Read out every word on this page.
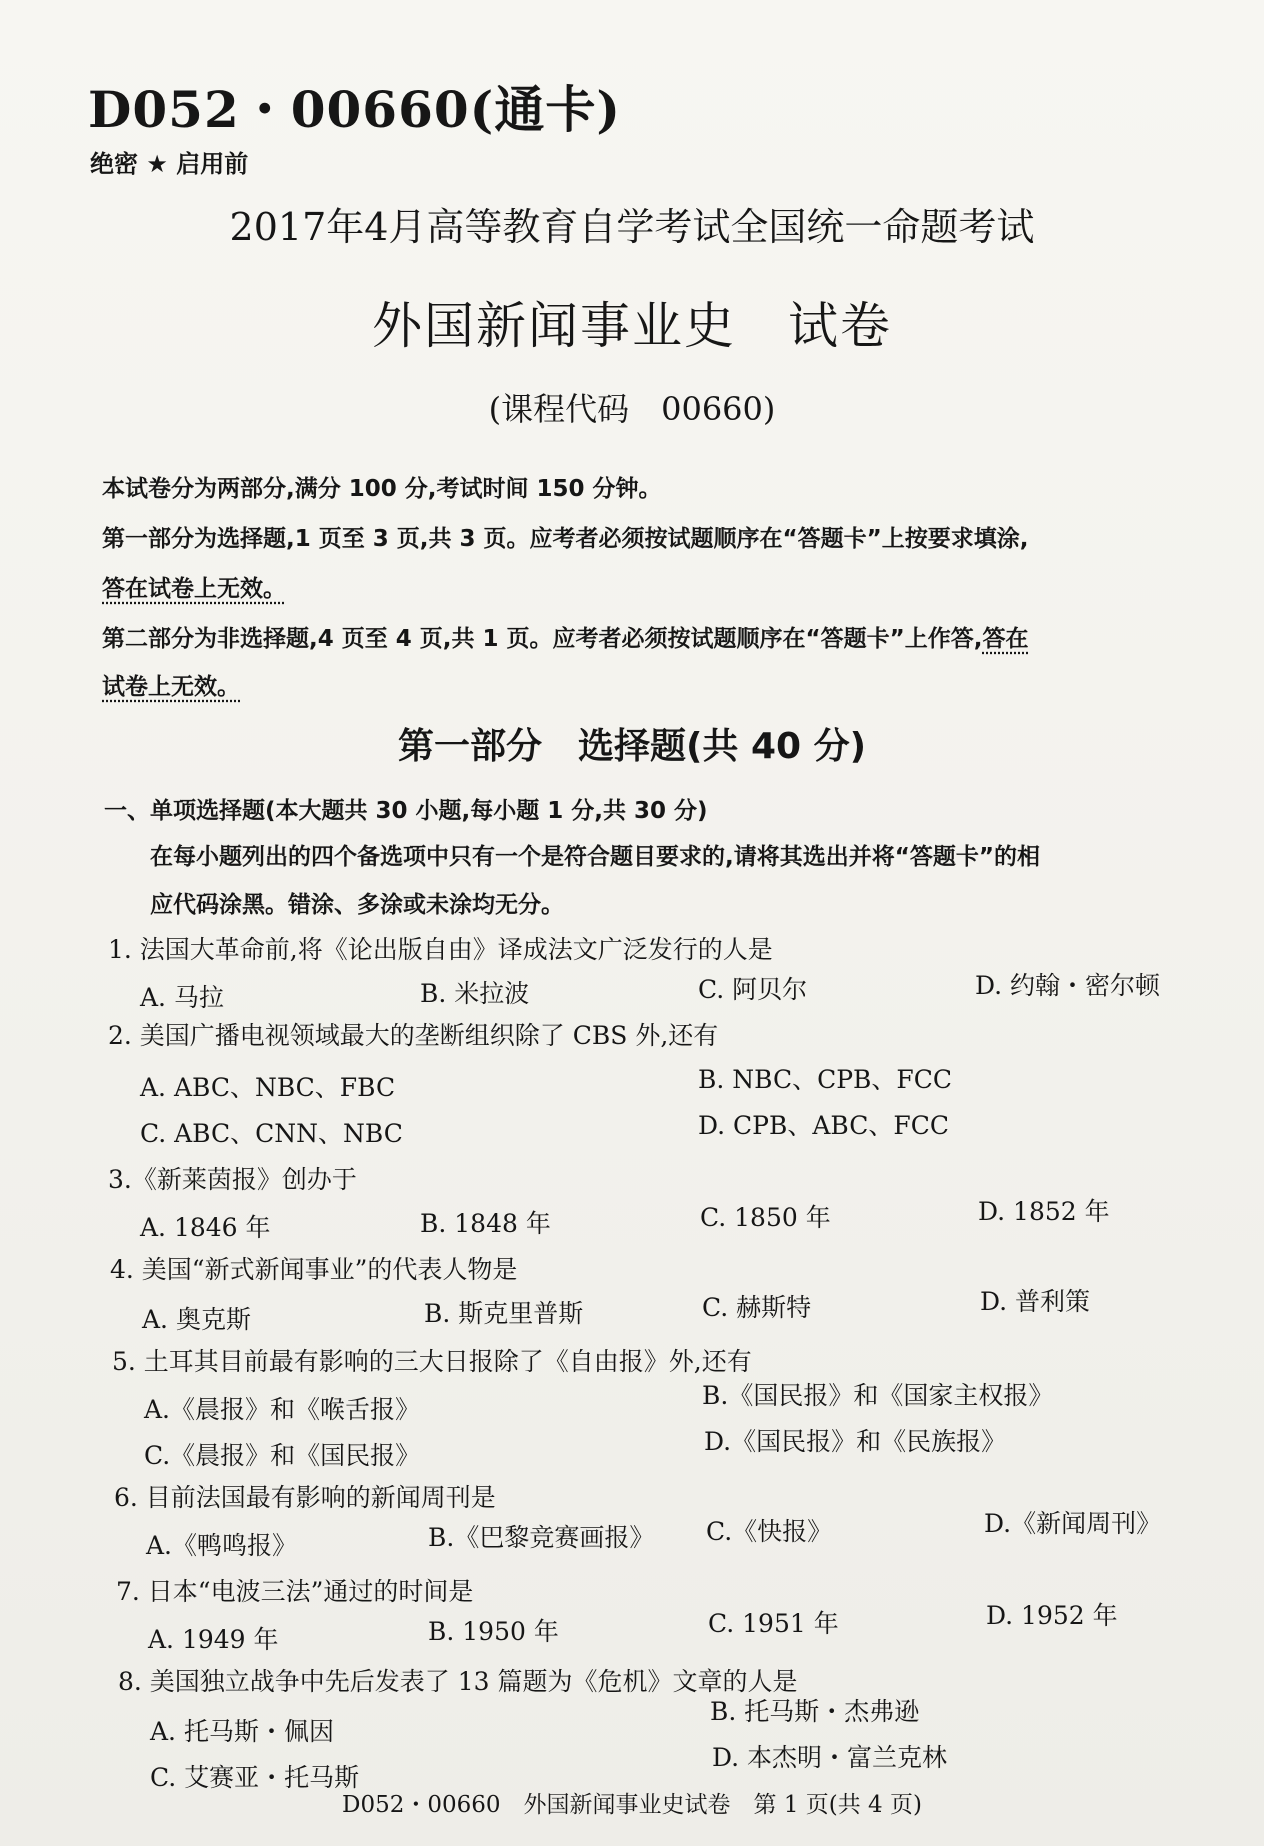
D052・00660(通卡)
绝密 ★ 启用前
2017年4月高等教育自学考试全国统一命题考试
外国新闻事业史　试卷
(课程代码　00660)
本试卷分为两部分,满分 100 分,考试时间 150 分钟。
第一部分为选择题,1 页至 3 页,共 3 页。应考者必须按试题顺序在“答题卡”上按要求填涂,
答在试卷上无效。
第二部分为非选择题,4 页至 4 页,共 1 页。应考者必须按试题顺序在“答题卡”上作答,答在
试卷上无效。
第一部分　选择题(共 40 分)
一、单项选择题(本大题共 30 小题,每小题 1 分,共 30 分)
在每小题列出的四个备选项中只有一个是符合题目要求的,请将其选出并将“答题卡”的相
应代码涂黑。错涂、多涂或未涂均无分。
1. 法国大革命前,将《论出版自由》译成法文广泛发行的人是
A. 马拉	B. 米拉波	C. 阿贝尔	D. 约翰・密尔顿
2. 美国广播电视领域最大的垄断组织除了 CBS 外,还有
A. ABC、NBC、FBC	B. NBC、CPB、FCC
C. ABC、CNN、NBC	D. CPB、ABC、FCC
3.《新莱茵报》创办于
A. 1846 年	B. 1848 年	C. 1850 年	D. 1852 年
4. 美国“新式新闻事业”的代表人物是
A. 奥克斯	B. 斯克里普斯	C. 赫斯特	D. 普利策
5. 土耳其目前最有影响的三大日报除了《自由报》外,还有
A.《晨报》和《喉舌报》	B.《国民报》和《国家主权报》
C.《晨报》和《国民报》	D.《国民报》和《民族报》
6. 目前法国最有影响的新闻周刊是
A.《鸭鸣报》	B.《巴黎竞赛画报》 C.《快报》	D.《新闻周刊》
7. 日本“电波三法”通过的时间是
A. 1949 年	B. 1950 年	C. 1951 年	D. 1952 年
8. 美国独立战争中先后发表了 13 篇题为《危机》文章的人是
A. 托马斯・佩因
B. 托马斯・杰弗逊
C. 艾赛亚・托马斯
D. 本杰明・富兰克林
D052・00660　外国新闻事业史试卷　第 1 页(共 4 页)
